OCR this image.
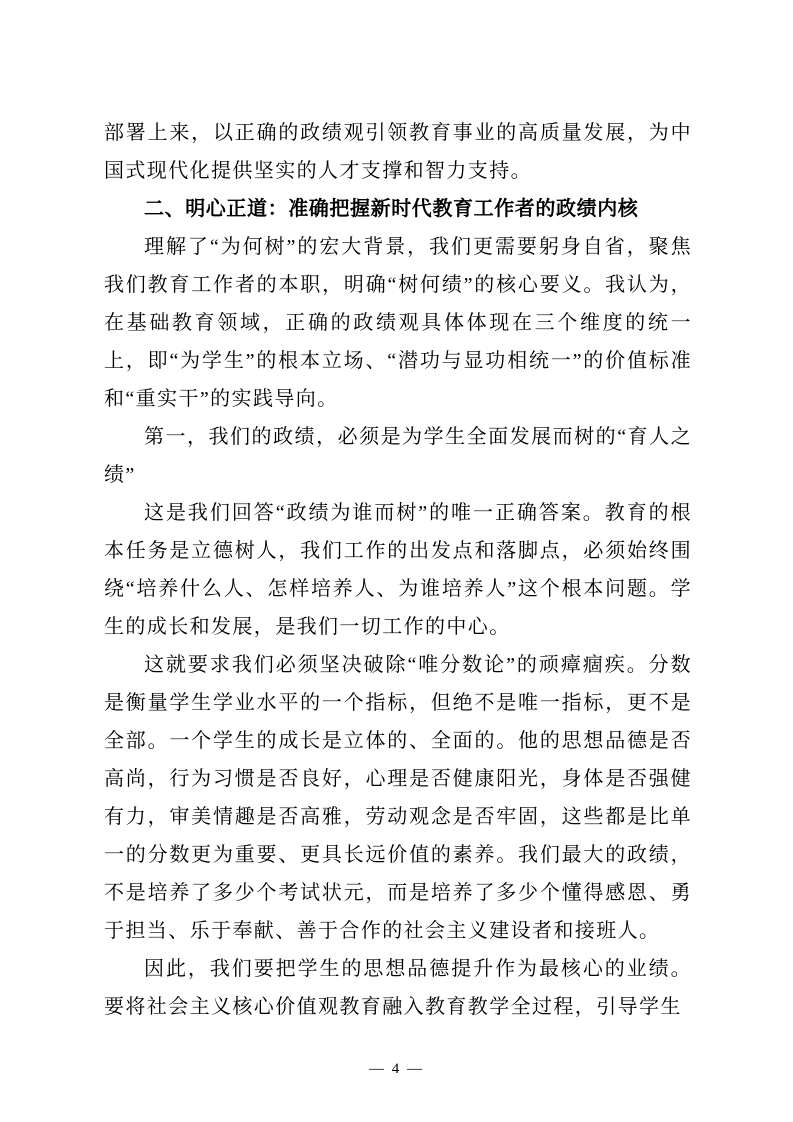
部署上来，以正确的政绩观引领教育事业的高质量发展，为中国式现代化提供坚实的人才支撑和智力支持。

二、明心正道：准确把握新时代教育工作者的政绩内核

理解了“为何树”的宏大背景，我们更需要躬身自省，聚焦我们教育工作者的本职，明确“树何绩”的核心要义。我认为，在基础教育领域，正确的政绩观具体体现在三个维度的统一上，即“为学生”的根本立场、“潜功与显功相统一”的价值标准和“重实干”的实践导向。

第一，我们的政绩，必须是为学生全面发展而树的“育人之绩”

这是我们回答“政绩为谁而树”的唯一正确答案。教育的根本任务是立德树人，我们工作的出发点和落脚点，必须始终围绕“培养什么人、怎样培养人、为谁培养人”这个根本问题。学生的成长和发展，是我们一切工作的中心。

这就要求我们必须坚决破除“唯分数论”的顽瘴痼疾。分数是衡量学生学业水平的一个指标，但绝不是唯一指标，更不是全部。一个学生的成长是立体的、全面的。他的思想品德是否高尚，行为习惯是否良好，心理是否健康阳光，身体是否强健有力，审美情趣是否高雅，劳动观念是否牢固，这些都是比单一的分数更为重要、更具长远价值的素养。我们最大的政绩，不是培养了多少个考试状元，而是培养了多少个懂得感恩、勇于担当、乐于奉献、善于合作的社会主义建设者和接班人。

因此，我们要把学生的思想品德提升作为最核心的业绩。要将社会主义核心价值观教育融入教育教学全过程，引导学生

— 4 —
